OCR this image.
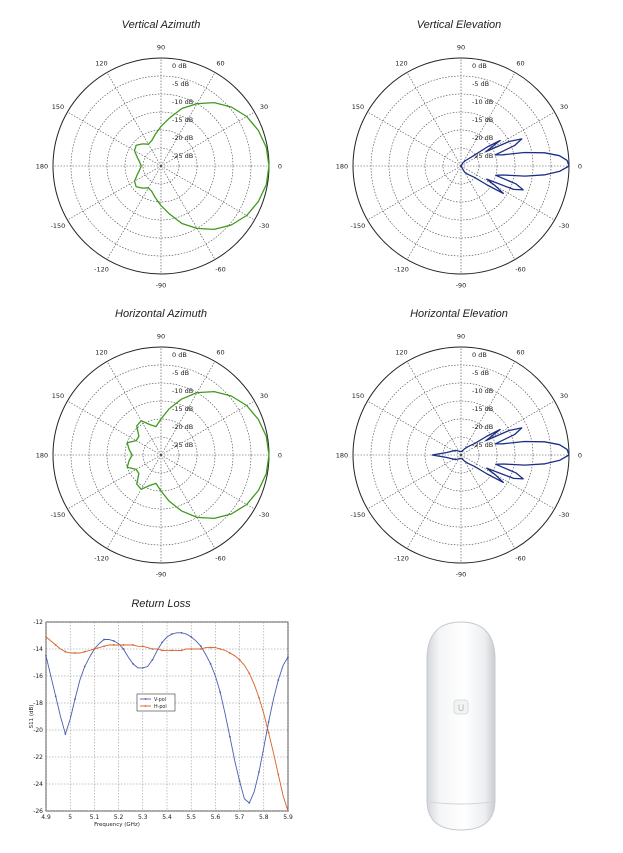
Vertical Azimuth	Vertical Elevation
Horizontal Azimuth	Horizontal Elevation
Return Loss
0 dB
-5 dB
-10 dB
-15 dB
-20 dB
-25 dB
90
60
30
0
-30
-60
-90
-120
-150
180
150
120	0 dB
-5 dB
-10 dB
-15 dB
-20 dB
-25 dB
90
60
30
0
-30
-60
-90
-120
-150
180
150
120
0 dB
-5 dB
-10 dB
-15 dB
-20 dB
-25 dB
90
60
30
0
-30
-60
-90
-120
-150
180
150
120	0 dB
-5 dB
-10 dB
-15 dB
-20 dB
-25 dB
90
60
30
0
-30
-60
-90
-120
-150
180
150
120
4.9	5	5.1 5.2 5.3 5.4 5.5 5.6 5.7 5.8 5.9
-12
-14
-16
-18
-20
-22
-24
-26
Frequency (GHz)
S11 (dB)
V-pol
H-pol	U
